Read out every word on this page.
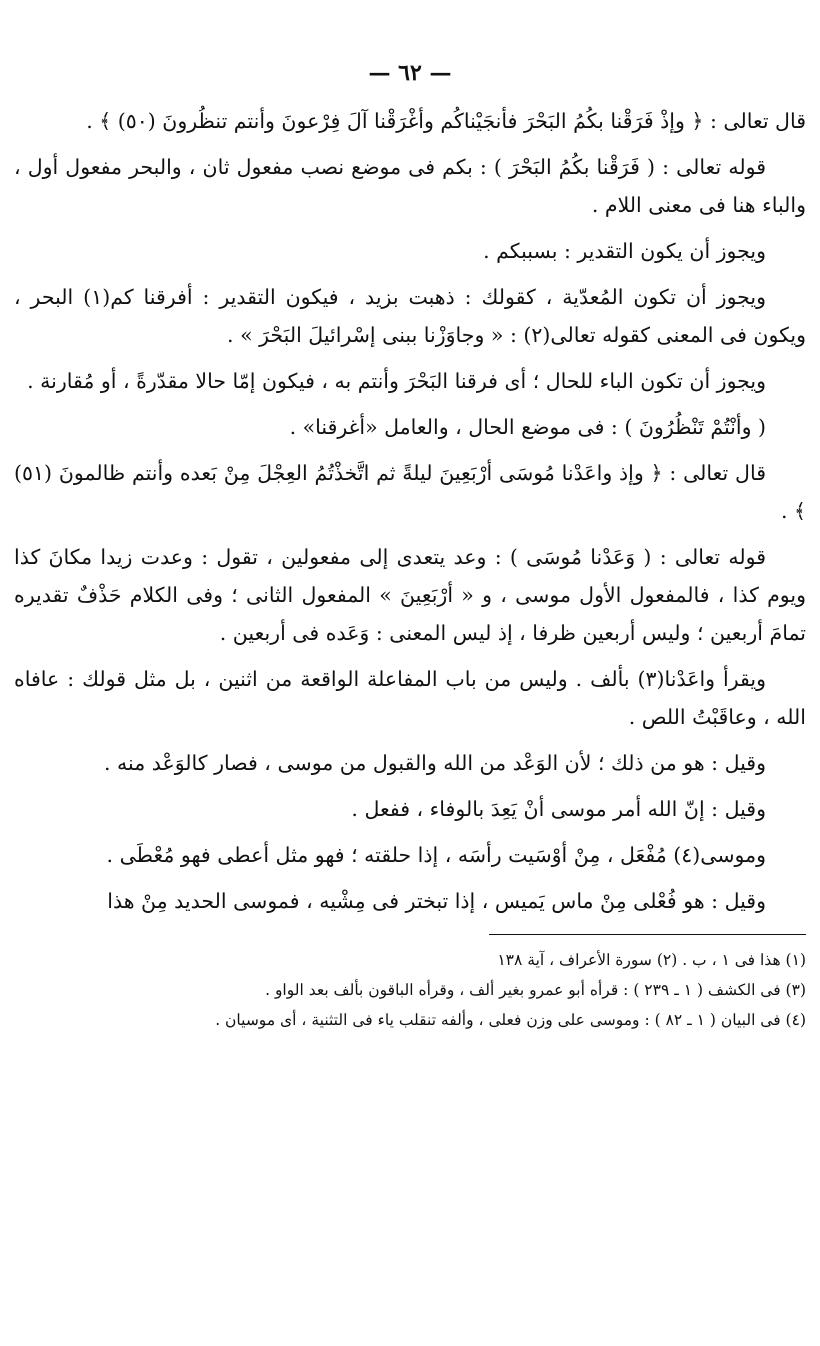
— ٦٢ —

قال تعالى : ﴿ وإذْ فَرَقْنا بكُمُ البَحْرَ فأنجَيْناكُم وأغْرَقْنا آلَ فِرْعونَ وأنتم تنظُرونَ (٥٠) ﴾ .

قوله تعالى : ( فَرَقْنا بكُمُ البَحْرَ ) : بكم فى موضع نصب مفعول ثان ، والبحر مفعول أول ، والباء هنا فى معنى اللام .

ويجوز أن يكون التقدير : بسببكم .

ويجوز أن تكون المُعدّية ، كقولك : ذهبت بزيد ، فيكون التقدير : أفرقنا كم(١) البحر ، ويكون فى المعنى كقوله تعالى(٢) : « وجاوَزْنا ببنى إسْرائيلَ البَحْرَ » .

ويجوز أن تكون الباء للحال ؛ أى فرقنا البَحْرَ وأنتم به ، فيكون إمّا حالا مقدّرةً ، أو مُقارنة .

( وأنْتُمْ تَنْظُرُونَ ) : فى موضع الحال ، والعامل «أغرقنا» .

قال تعالى : ﴿ وإذ واعَدْنا مُوسَى أرْبَعِينَ ليلةً ثم اتَّخذْتُمُ العِجْلَ مِنْ بَعده وأنتم ظالمونَ (٥١) ﴾ .

قوله تعالى : ( وَعَدْنا مُوسَى ) : وعد يتعدى إلى مفعولين ، تقول : وعدت زيدا مكانَ كذا ويوم كذا ، فالمفعول الأول موسى ، و « أرْبَعِينَ » المفعول الثانى ؛ وفى الكلام حَذْفٌ تقديره تمامَ أربعين ؛ وليس أربعين ظرفا ، إذ ليس المعنى : وَعَده فى أربعين .

ويقرأ واعَدْنا(٣) بألف . وليس من باب المفاعلة الواقعة من اثنين ، بل مثل قولك : عافاه الله ، وعاقَبْتُ اللص .

وقيل : هو من ذلك ؛ لأن الوَعْد من الله والقبول من موسى ، فصار كالوَعْد منه .

وقيل : إنّ الله أمر موسى أنْ يَعِدَ بالوفاء ، ففعل .

وموسى(٤) مُفْعَل ، مِنْ أوْسَيت رأسَه ، إذا حلقته ؛ فهو مثل أعطى فهو مُعْطَى .

وقيل : هو فُعْلى مِنْ ماس يَميس ، إذا تبختر فى مِشْيه ، فموسى الحديد مِنْ هذا

(١) هذا فى ١ ، ب . (٢) سورة الأعراف ، آية ١٣٨

(٣) فى الكشف ( ١ ـ ٢٣٩ ) : قرأه أبو عمرو بغير ألف ، وقرأه الباقون بألف بعد الواو .

(٤) فى البيان ( ١ ـ ٨٢ ) : وموسى على وزن فعلى ، وألفه تنقلب ياء فى التثنية ، أى موسيان .
